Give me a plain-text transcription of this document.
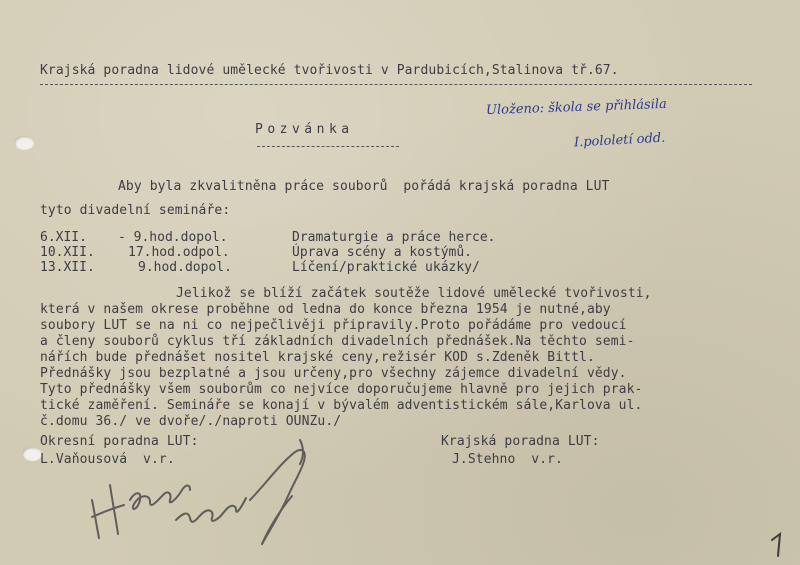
Krajská poradna lidové umělecké tvořivosti v Pardubicích,Stalinova tř.67.
Pozvánka
Uloženo: škola se přihlásila
I.pololetí odd.
Aby byla zkvalitněna práce souborů  pořádá krajská poradna LUT
tyto divadelní semináře:
6.XII. - 9.hod.dopol.	Dramaturgie a práce herce.
10.XII.	17.hod.odpol.	Úprava scény a kostýmů.
13.XII.	9.hod.dopol.	Líčení/praktické ukázky/
Jelikož se blíží začátek soutěže lidové umělecké tvořivosti,
která v našem okrese proběhne od ledna do konce března 1954 je nutné,aby
soubory LUT se na ni co nejpečlivěji připravily.Proto pořádáme pro vedoucí
a členy souborů cyklus tří základních divadelních přednášek.Na těchto semi-
nářích bude přednášet nositel krajské ceny,režisér KOD s.Zdeněk Bittl.
Přednášky jsou bezplatné a jsou určeny,pro všechny zájemce divadelní vědy.
Tyto přednášky všem souborům co nejvíce doporučujeme hlavně pro jejich prak-
tické zaměření. Semináře se konají v bývalém adventistickém sále,Karlova ul.
č.domu 36./ ve dvoře/./naproti OUNZu./
Okresní poradna LUT:
L.Vaňousová  v.r.
Krajská poradna LUT:
J.Stehno  v.r.
